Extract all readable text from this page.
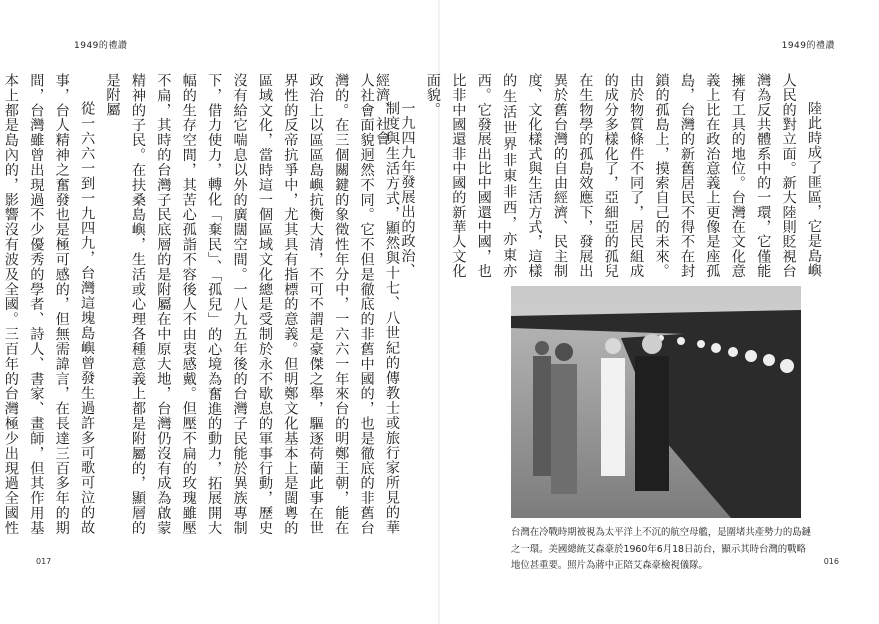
1949的禮讚

制度與生活方式，顯然與十七、八世紀的傳教士或旅行家所見的華人社會面貌迥然不同。它不但是徹底的非舊中國的，也是徹底的非舊台灣的。在三個關鍵的象徵性年分中，一六六一年來台的明鄭王朝，能在政治上以區區島嶼抗衡大清，不可不謂是豪傑之舉，驅逐荷蘭此事在世界性的反帝抗爭中，尤其具有指標的意義。但明鄭文化基本上是閩粵的區域文化，當時這一個區域文化總是受制於永不歇息的軍事行動，歷史沒有給它喘息以外的廣闊空間。一八九五年後的台灣子民能於異族專制下，借力使力，轉化「棄民」、「孤兒」的心境為奮進的動力，拓展開大幅的生存空間，其苦心孤詣不容後人不由衷感戴。但壓不扁的玫瑰雖壓不扁，其時的台灣子民底層的是附屬在中原大地，台灣仍沒有成為啟蒙精神的子民。在扶桑島嶼，生活或心理各種意義上都是附屬的，顯層的是附屬

從一六六一到一九四九，台灣這塊島嶼曾發生過許多可歌可泣的故事，台人精神之奮發也是極可感的，但無需諱言，在長達三百多年的期間，台灣雖曾出現過不少優秀的學者、詩人、書家、畫師，但其作用基本上都是島內的，影響沒有波及全國。三百年的台灣極少出現過全國性

017
1949的禮讚

陸此時成了匪區，它是島嶼人民的對立面。新大陸則貶視台灣為反共體系中的一環，它僅能擁有工具的地位。台灣在文化意義上比在政治意義上更像是座孤島，台灣的新舊居民不得不在封鎖的孤島上，摸索自己的未來。由於物質條件不同了，居民組成的成分多樣化了，亞細亞的孤兒在生物學的孤島效應下，發展出異於舊台灣的自由經濟、民主制度、文化樣式與生活方式，這樣的生活世界非東非西，亦東亦西。它發展出比中國還中國，也比非中國還非中國的新華人文化面貌。

一九四九年發展出的政治、經濟、社會

016
台灣在冷戰時期被視為太平洋上不沉的航空母艦，是圍堵共產勢力的島鏈之一環。美國總統艾森豪於1960年6月18日訪台，顯示其時台灣的戰略地位甚重要。照片為蔣中正陪艾森豪檢視儀隊。
